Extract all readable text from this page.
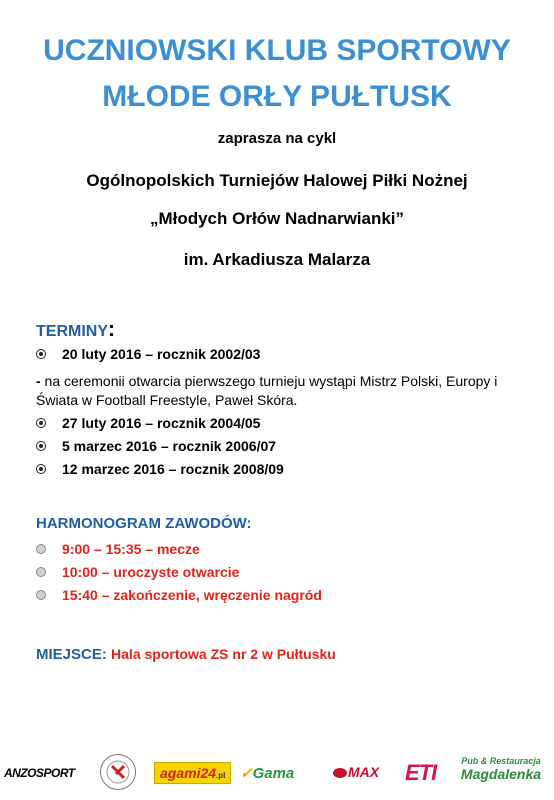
UCZNIOWSKI KLUB SPORTOWY
MŁODE ORŁY PUŁTUSK
zaprasza na cykl
Ogólnopolskich Turniejów Halowej Piłki Nożnej
„Młodych Orłów Nadnarwianki”
im. Arkadiusza Malarza
TERMINY:
20 luty 2016 – rocznik 2002/03
- na ceremonii otwarcia pierwszego turnieju wystąpi Mistrz Polski, Europy i Świata w Football Freestyle, Paweł Skóra.
27 luty 2016 – rocznik 2004/05
5 marzec 2016 – rocznik 2006/07
12 marzec 2016 – rocznik 2008/09
HARMONOGRAM ZAWODÓW:
9:00 – 15:35 – mecze
10:00 – uroczyste otwarcie
15:40 – zakończenie, wręczenie nagród
MIEJSCE: Hala sportowa ZS nr 2 w Pułtusku
ANZOSPORT	agami24.pl ✓Gama	MAX ETI	Pub & Restauracja
Magdalenka
